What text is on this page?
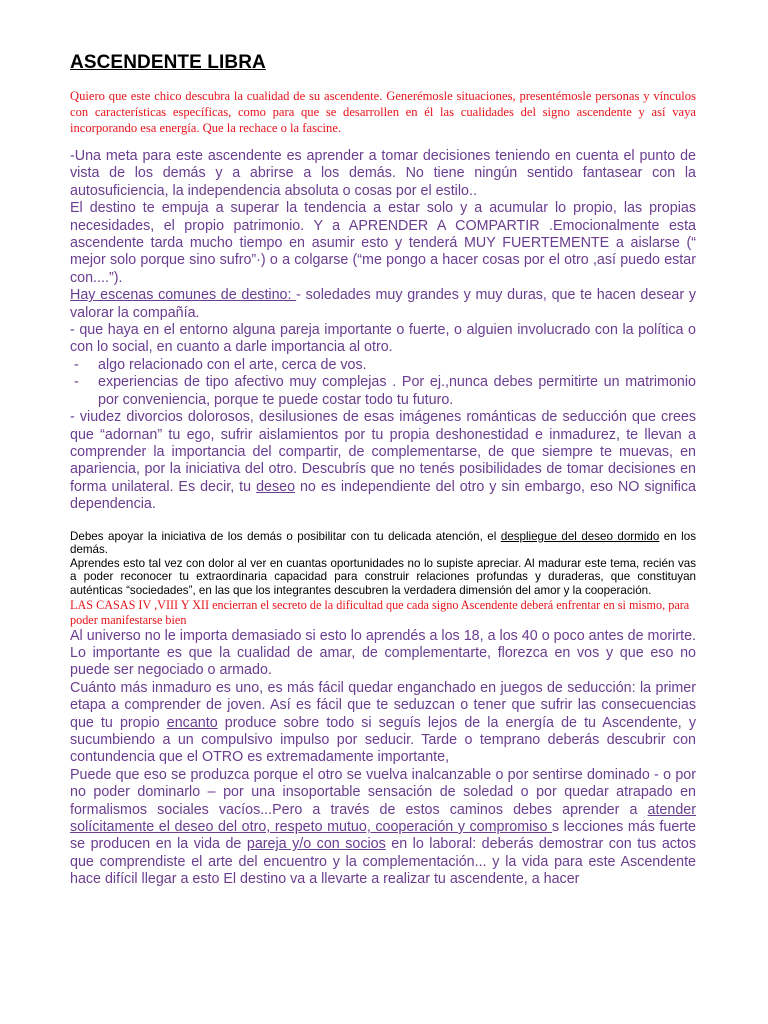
ASCENDENTE LIBRA

Quiero que este chico descubra la cualidad de su ascendente. Generémosle situaciones, presentémosle personas y vínculos con características específicas, como para que se desarrollen en él las cualidades del signo ascendente y así vaya incorporando esa energía. Que la rechace o la fascine.

-Una meta para este ascendente es aprender a tomar decisiones teniendo en cuenta el punto de vista de los demás y a abrirse a los demás. No tiene ningún sentido fantasear con la autosuficiencia, la independencia absoluta o cosas por el estilo..

El destino te empuja a superar la tendencia a estar solo y a acumular lo propio, las propias necesidades, el propio patrimonio. Y a APRENDER A COMPARTIR .Emocionalmente esta ascendente tarda mucho tiempo en asumir esto y tenderá MUY FUERTEMENTE a aislarse (“ mejor solo porque sino sufro”·) o a colgarse (“me pongo a hacer cosas por el otro ,así puedo estar con....”).

Hay escenas comunes de destino: - soledades muy grandes y muy duras, que te hacen desear y valorar la compañía.

- que haya en el entorno alguna pareja importante o fuerte, o alguien involucrado con la política o con lo social, en cuanto a darle importancia al otro.

- algo relacionado con el arte, cerca de vos.

- experiencias de tipo afectivo muy complejas . Por ej.,nunca debes permitirte un matrimonio por conveniencia, porque te puede costar todo tu futuro.

- viudez divorcios dolorosos, desilusiones de esas imágenes románticas de seducción que crees que “adornan” tu ego, sufrir aislamientos por tu propia deshonestidad e inmadurez, te llevan a comprender la importancia del compartir, de complementarse, de que siempre te muevas, en apariencia, por la iniciativa del otro. Descubrís que no tenés posibilidades de tomar decisiones en forma unilateral. Es decir, tu deseo no es independiente del otro y sin embargo, eso NO significa dependencia.

Debes apoyar la iniciativa de los demás o posibilitar con tu delicada atención, el despliegue del deseo dormido en los demás.

Aprendes esto tal vez con dolor al ver en cuantas oportunidades no lo supiste apreciar. Al madurar este tema, recién vas a poder reconocer tu extraordinaria capacidad para construir relaciones profundas y duraderas, que constituyan auténticas “sociedades”, en las que los integrantes descubren la verdadera dimensión del amor y la cooperación.

LAS CASAS IV ,VIII Y XII encierran el secreto de la dificultad que cada signo Ascendente deberá enfrentar en si mismo, para poder manifestarse bien

Al universo no le importa demasiado si esto lo aprendés a los 18, a los 40 o poco antes de morirte. Lo importante es que la cualidad de amar, de complementarte, florezca en vos y que eso no puede ser negociado o armado.

Cuánto más inmaduro es uno, es más fácil quedar enganchado en juegos de seducción: la primer etapa a comprender de joven. Así es fácil que te seduzcan o tener que sufrir las consecuencias que tu propio encanto produce sobre todo si seguís lejos de la energía de tu Ascendente, y sucumbiendo a un compulsivo impulso por seducir. Tarde o temprano deberás descubrir con contundencia que el OTRO es extremadamente importante,

Puede que eso se produzca porque el otro se vuelva inalcanzable o por sentirse dominado - o por no poder dominarlo – por una insoportable sensación de soledad o por quedar atrapado en formalismos sociales vacíos...Pero a través de estos caminos debes aprender a atender solícitamente el deseo del otro, respeto mutuo, cooperación y compromiso s lecciones más fuerte se producen en la vida de pareja y/o con socios en lo laboral: deberás demostrar con tus actos que comprendiste el arte del encuentro y la complementación... y la vida para este Ascendente hace difícil llegar a esto El destino va a llevarte a realizar tu ascendente, a hacer
